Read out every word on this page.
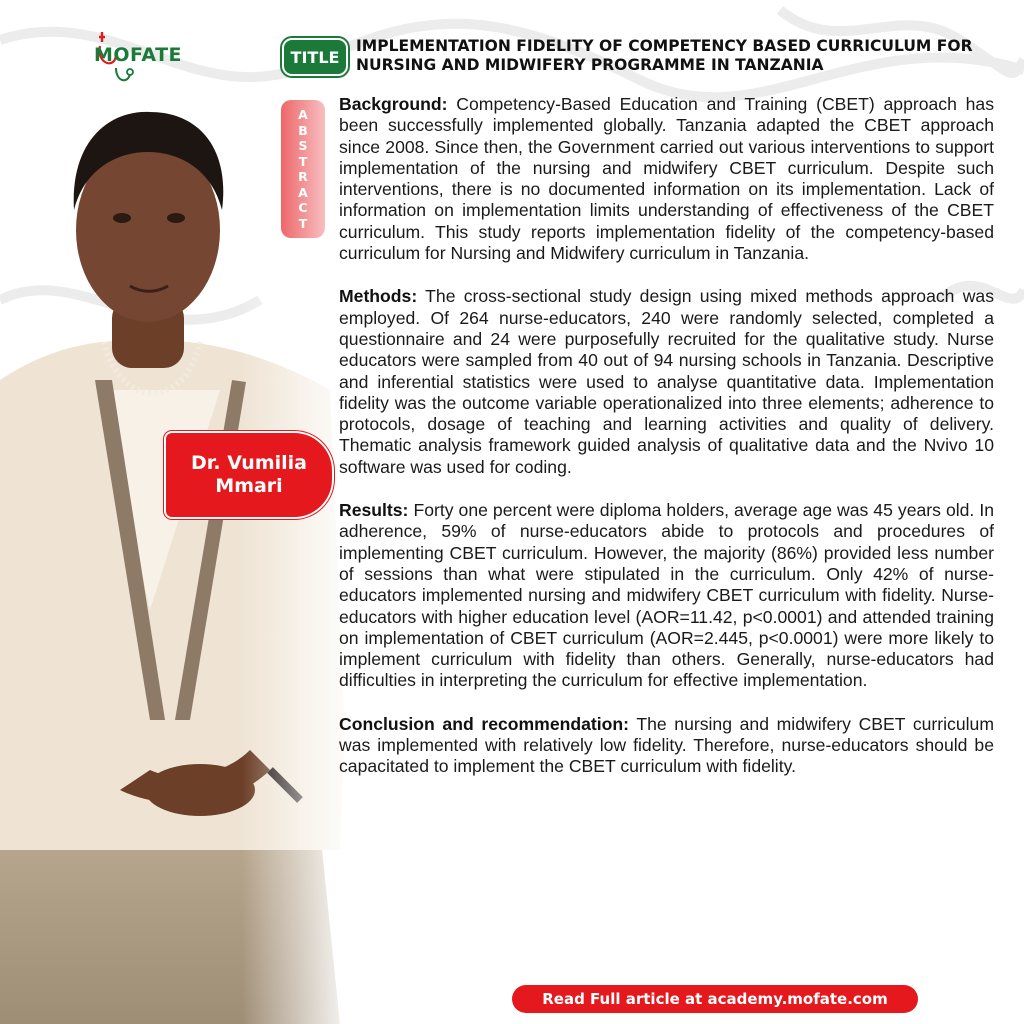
MOFATE	TITLE
IMPLEMENTATION FIDELITY OF COMPETENCY BASED CURRICULUM FOR NURSING AND MIDWIFERY PROGRAMME IN TANZANIA
Dr. Vumilia
Mmari

Background: Competency-Based Education and Training (CBET) approach has been successfully implemented globally. Tanzania adapted the CBET approach since 2008. Since then, the Government carried out various interventions to support implementation of the nursing and midwifery CBET curriculum. Despite such interventions, there is no documented information on its implementation. Lack of information on implementation limits understanding of effectiveness of the CBET curriculum. This study reports implementation fidelity of the competency-based curriculum for Nursing and Midwifery curriculum in Tanzania.

Methods: The cross-sectional study design using mixed methods approach was employed. Of 264 nurse-educators, 240 were randomly selected, completed a questionnaire and 24 were purposefully recruited for the qualitative study. Nurse educators were sampled from 40 out of 94 nursing schools in Tanzania. Descriptive and inferential statistics were used to analyse quantitative data. Implementation fidelity was the outcome variable operationalized into three elements; adherence to protocols, dosage of teaching and learning activities and quality of delivery. Thematic analysis framework guided analysis of qualitative data and the Nvivo 10 software was used for coding.

Results: Forty one percent were diploma holders, average age was 45 years old. In adherence, 59% of nurse-educators abide to protocols and procedures of implementing CBET curriculum. However, the majority (86%) provided less number of sessions than what were stipulated in the curriculum. Only 42% of nurse-educators implemented nursing and midwifery CBET curriculum with fidelity. Nurse-educators with higher education level (AOR=11.42, p<0.0001) and attended training on implementation of CBET curriculum (AOR=2.445, p<0.0001) were more likely to implement curriculum with fidelity than others. Generally, nurse-educators had difficulties in interpreting the curriculum for effective implementation.

Conclusion and recommendation: The nursing and midwifery CBET curriculum was implemented with relatively low fidelity. Therefore, nurse-educators should be capacitated to implement the CBET curriculum with fidelity.

Read Full article at academy.mofate.com
